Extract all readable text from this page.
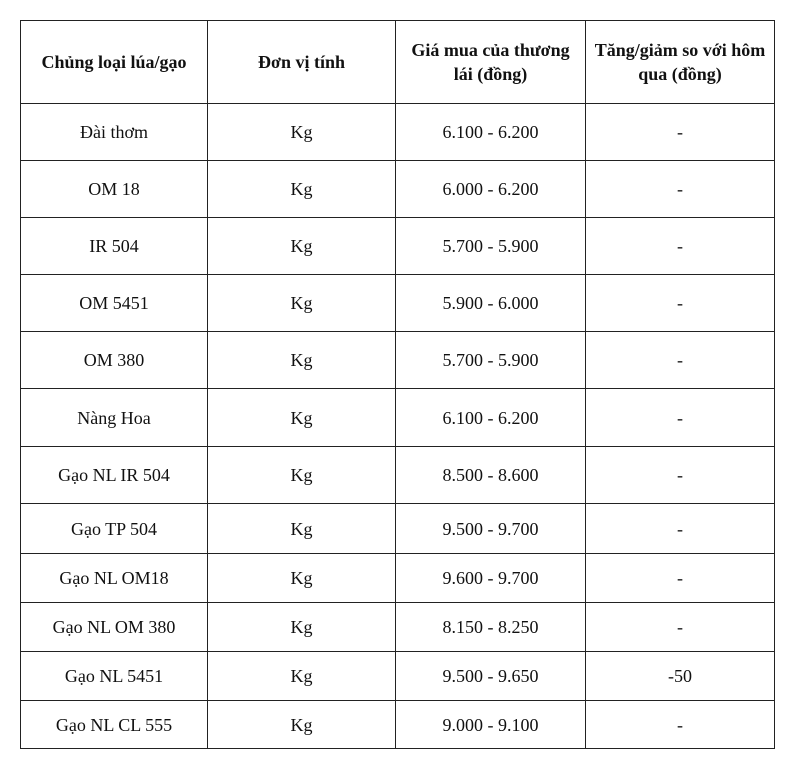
Chủng loại lúa/gạo	Đơn vị tính	Giá mua của thương lái (đồng)	Tăng/giảm so với hôm qua (đồng)
Đài thơm	Kg	6.100 - 6.200	-
OM 18	Kg	6.000 - 6.200	-
IR 504	Kg	5.700 - 5.900	-
OM 5451	Kg	5.900 - 6.000	-
OM 380	Kg	5.700 - 5.900	-
Nàng Hoa	Kg	6.100 - 6.200	-
Gạo NL IR 504	Kg	8.500 - 8.600	-
Gạo TP 504	Kg	9.500 - 9.700	-
Gạo NL OM18	Kg	9.600 - 9.700	-
Gạo NL OM 380	Kg	8.150 - 8.250	-
Gạo NL 5451	Kg	9.500 - 9.650	-50
Gạo NL CL 555	Kg	9.000 - 9.100	-
